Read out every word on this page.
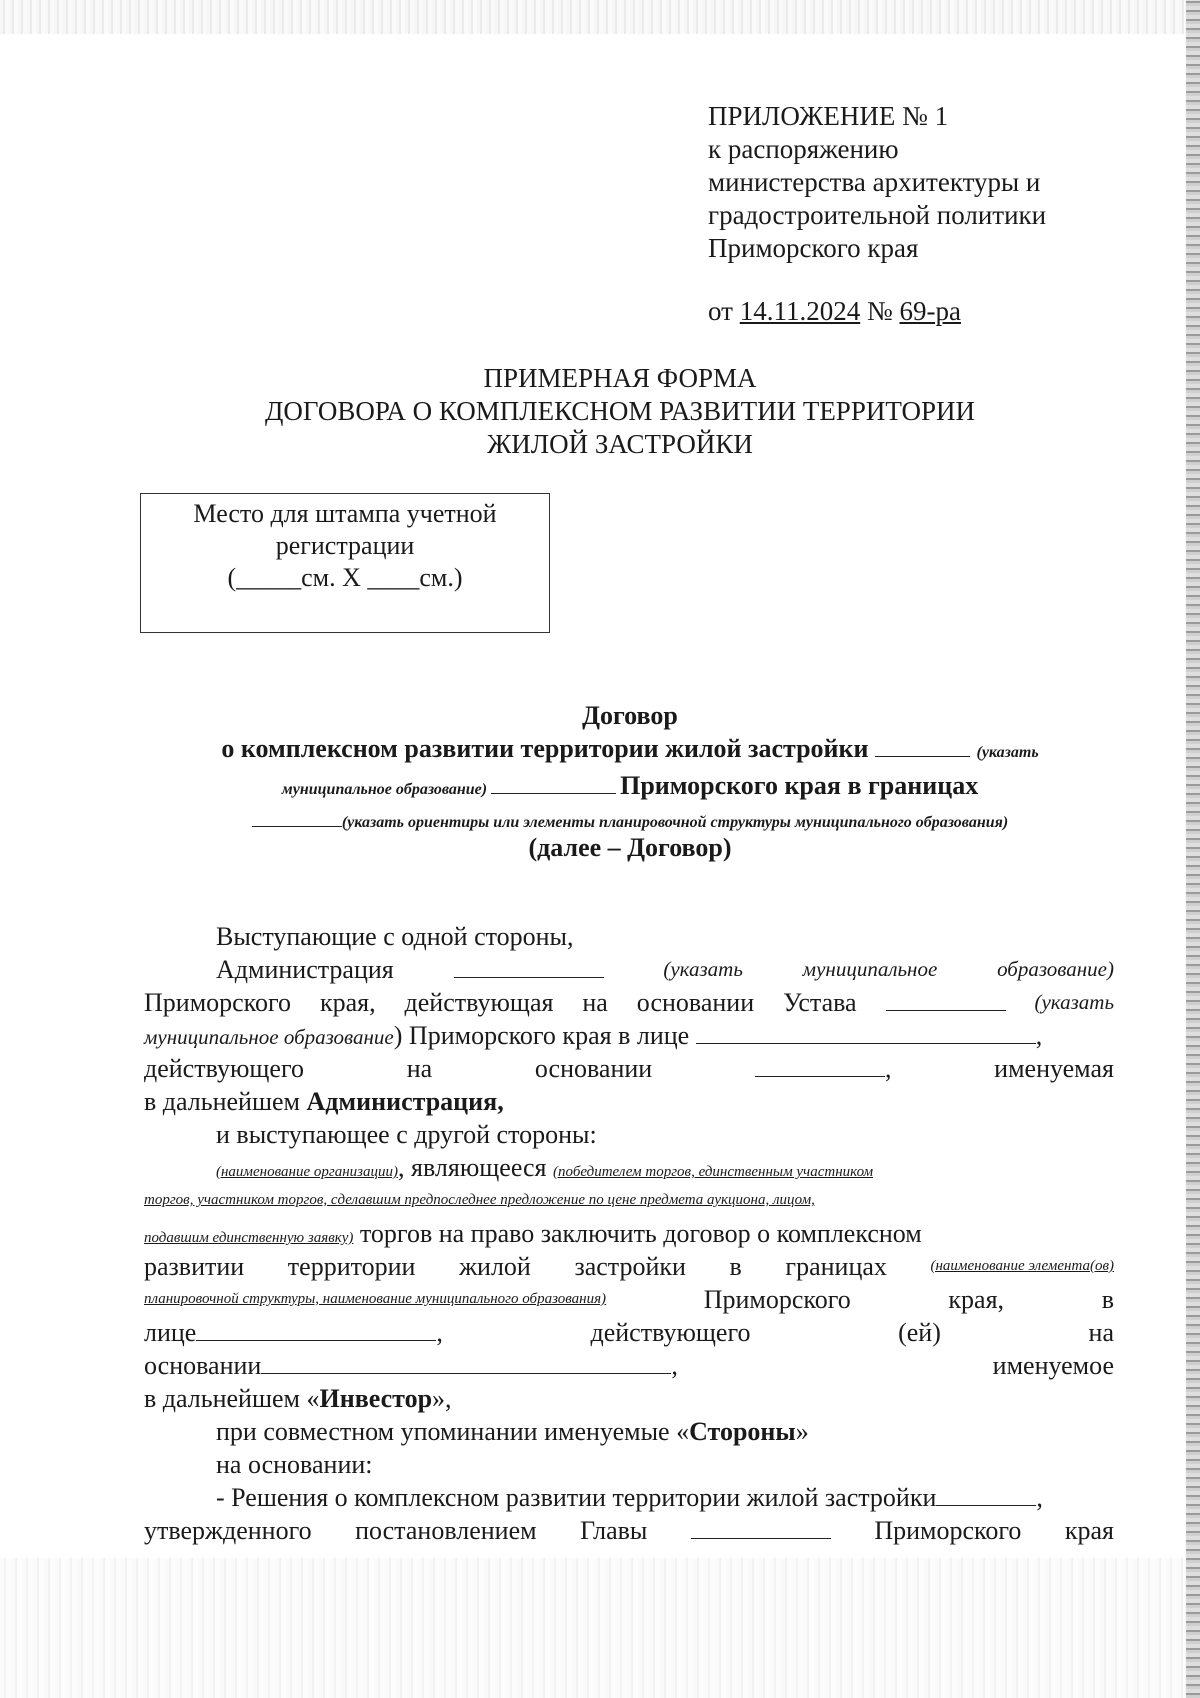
ПРИЛОЖЕНИЕ № 1
к распоряжению
министерства архитектуры и
градостроительной политики
Приморского края
от 14.11.2024 № 69-ра
ПРИМЕРНАЯ ФОРМА
ДОГОВОРА О КОМПЛЕКСНОМ РАЗВИТИИ ТЕРРИТОРИИ
ЖИЛОЙ ЗАСТРОЙКИ
Место для штампа учетной
регистрации
(_____см. Х ____см.)
Договор
о комплексном развитии территории жилой застройки	(указать
муниципальное образование)	Приморского края в границах
(указать ориентиры или элементы планировочной структуры муниципального образования)
(далее – Договор)
Выступающие с одной стороны,
Администрация	(указать	муниципальное	образование)
Приморского края, действующая на основании Устава	(указать
муниципальное образование) Приморского края в лице	,
действующего	на	основании	,	именуемая
в дальнейшем Администрация,
и выступающее с другой стороны:
(наименование организации), являющееся (победителем торгов, единственным участником
торгов, участником торгов, сделавшим предпоследнее предложение по цене предмета аукциона, лицом,
подавшим единственную заявку) торгов на право заключить договор о комплексном
развитии территории жилой застройки в границах	(наименование элемента(ов)
планировочной структуры, наименование муниципального образования)	Приморского	края,	в
лице	,	действующего	(ей)	на
основании	,	именуемое
в дальнейшем «Инвестор»,
при совместном упоминании именуемые «Стороны»
на основании:
- Решения о комплексном развитии территории жилой застройки	,
утвержденного постановлением Главы	Приморского края
